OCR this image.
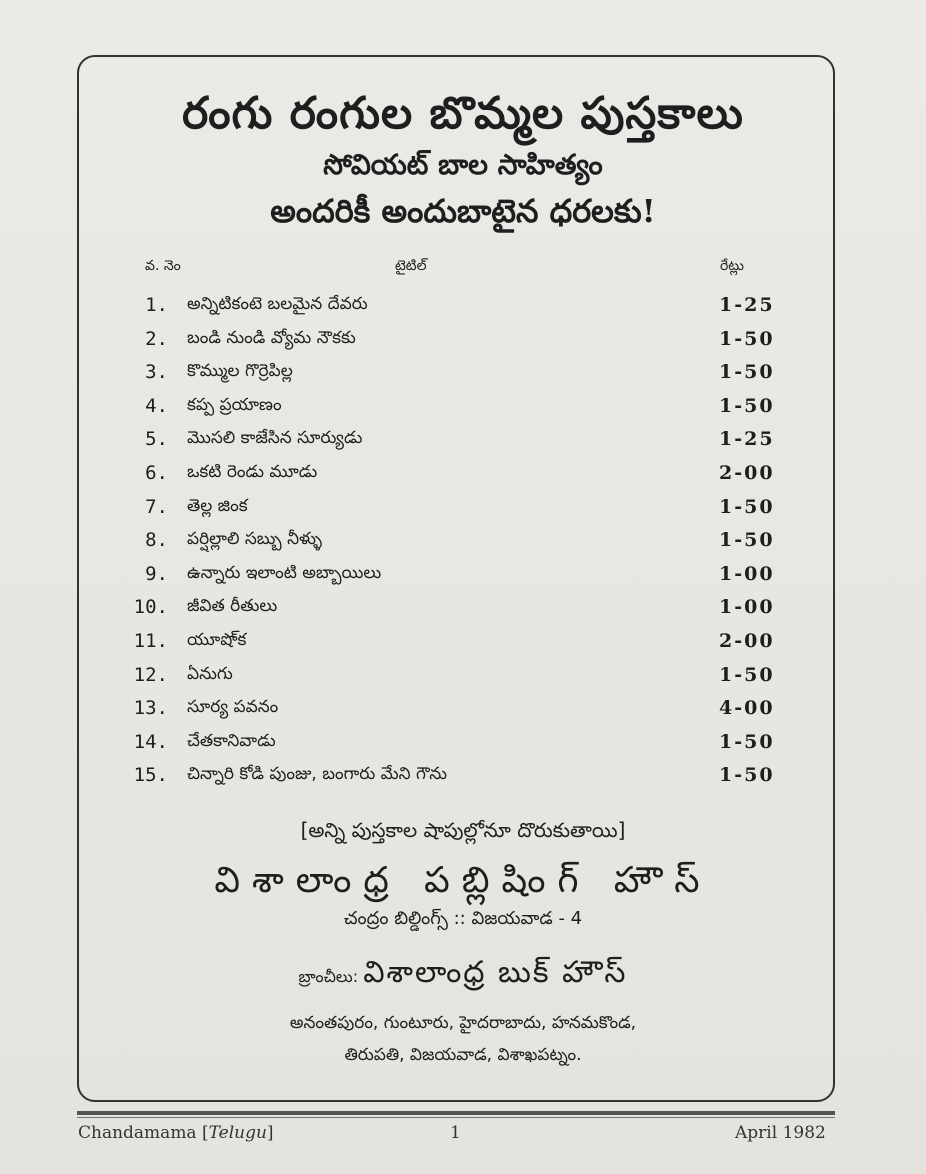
రంగు రంగుల బొమ్మల పుస్తకాలు
సోవియట్ బాల సాహిత్యం
అందరికీ అందుబాటైన ధరలకు!
వ. నెం	టైటిల్	రేట్లు
1. అన్నిటికంటె బలమైన దేవరు	1-25
2. బండి నుండి వ్యోమ నౌకకు	1-50
3. కొమ్ముల గొర్రెపిల్ల	1-50
4. కప్ప ప్రయాణం	1-50
5. మొసలి కాజేసిన సూర్యుడు	1-25
6. ఒకటి రెండు మూడు	2-00
7. తెల్ల జింక	1-50
8. పర్షిల్లాలి సబ్బు నీళ్ళు	1-50
9. ఉన్నారు ఇలాంటి అబ్బాయిలు	1-00
10. జీవిత రీతులు	1-00
11. యూషొ్క	2-00
12. ఏనుగు	1-50
13. సూర్య పవనం	4-00
14. చేతకానివాడు	1-50
15. చిన్నారి కోడి పుంజు, బంగారు మేని గౌను	1-50
[అన్ని పుస్తకాల షాపుల్లోనూ దొరుకుతాయి]
విశాలాంధ్ర పబ్లిషింగ్ హౌస్
చంద్రం బిల్డింగ్స్ :: విజయవాడ - 4
బ్రాంచీలు: విశాలాంధ్ర బుక్ హౌస్
అనంతపురం, గుంటూరు, హైదరాబాదు, హనమకొండ,
తిరుపతి, విజయవాడ, విశాఖపట్నం.
Chandamama [Telugu]	1	April 1982
